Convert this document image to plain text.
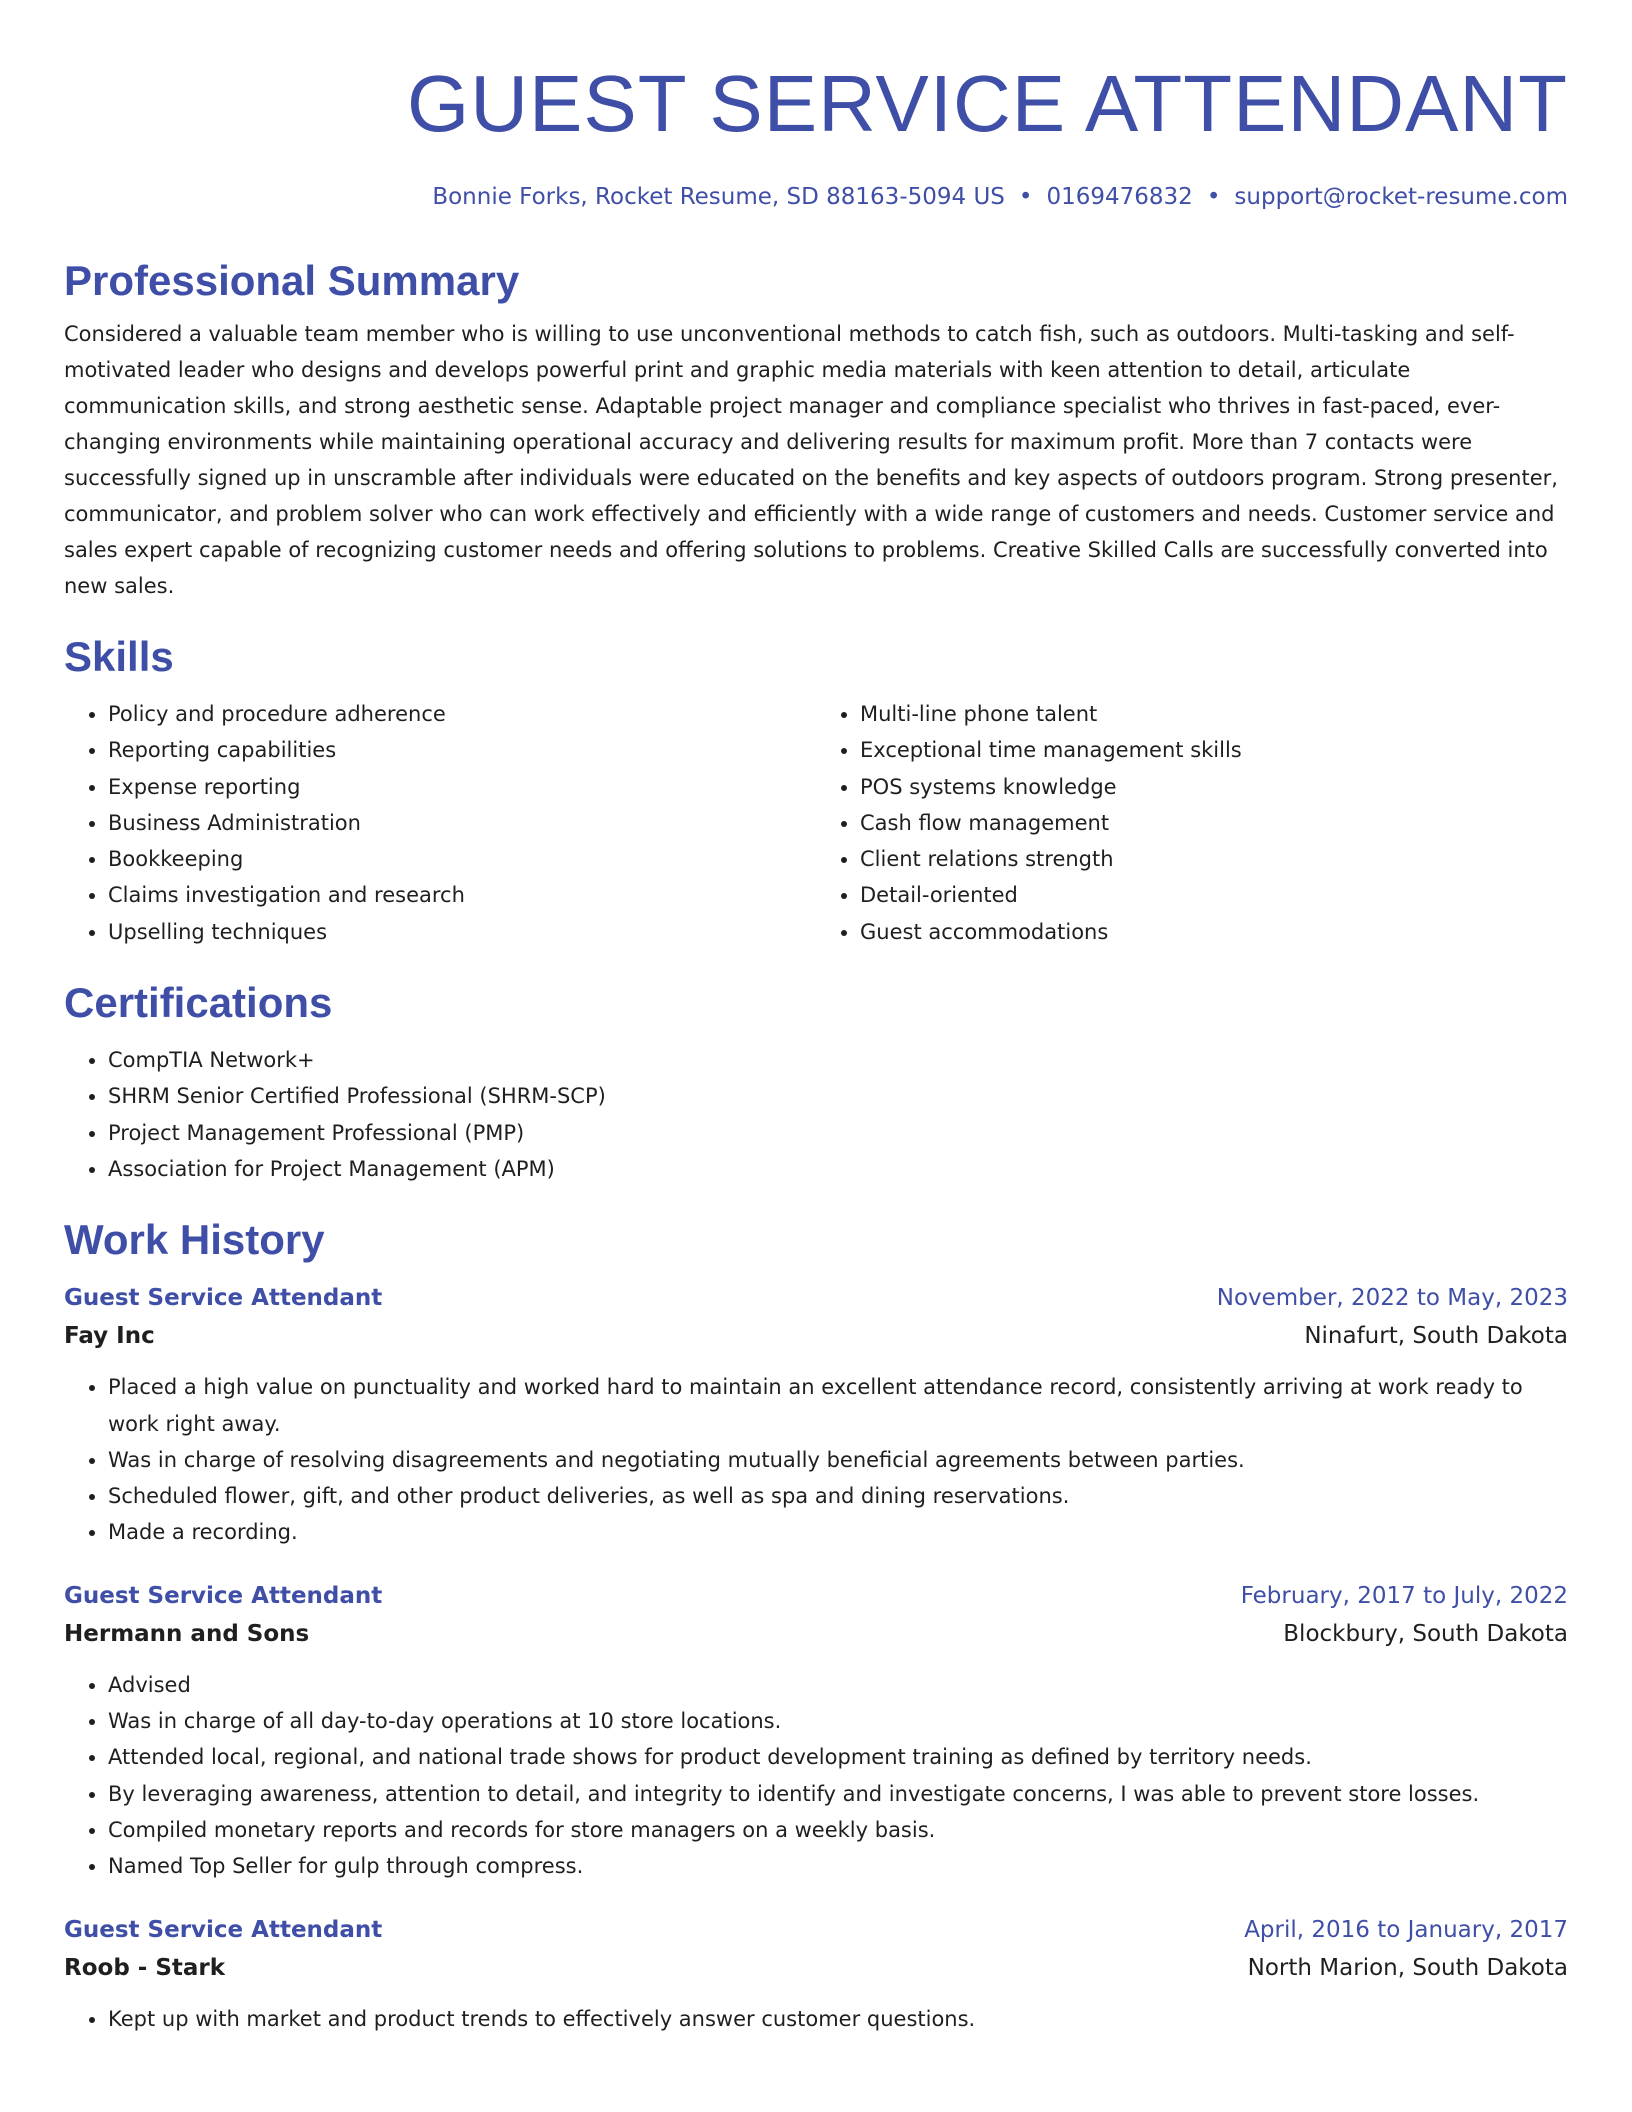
GUEST SERVICE ATTENDANT
Bonnie Forks, Rocket Resume, SD 88163-5094 US • 0169476832 • support@rocket-resume.com
Professional Summary

Considered a valuable team member who is willing to use unconventional methods to catch fish, such as outdoors. Multi-tasking and self-motivated leader who designs and develops powerful print and graphic media materials with keen attention to detail, articulate communication skills, and strong aesthetic sense. Adaptable project manager and compliance specialist who thrives in fast-paced, ever-changing environments while maintaining operational accuracy and delivering results for maximum profit. More than 7 contacts were successfully signed up in unscramble after individuals were educated on the benefits and key aspects of outdoors program. Strong presenter, communicator, and problem solver who can work effectively and efficiently with a wide range of customers and needs. Customer service and sales expert capable of recognizing customer needs and offering solutions to problems. Creative Skilled Calls are successfully converted into new sales.

Skills
• Policy and procedure adherence
• Reporting capabilities
• Expense reporting
• Business Administration
• Bookkeeping
• Claims investigation and research
• Upselling techniques
• Multi-line phone talent
• Exceptional time management skills
• POS systems knowledge
• Cash flow management
• Client relations strength
• Detail-oriented
• Guest accommodations
Certifications
• CompTIA Network+
• SHRM Senior Certified Professional (SHRM-SCP)
• Project Management Professional (PMP)
• Association for Project Management (APM)
Work History
Guest Service Attendant	November, 2022 to May, 2023
Fay Inc	Ninafurt, South Dakota
• Placed a high value on punctuality and worked hard to maintain an excellent attendance record, consistently arriving at work ready to work right away.
• Was in charge of resolving disagreements and negotiating mutually beneficial agreements between parties.
• Scheduled flower, gift, and other product deliveries, as well as spa and dining reservations.
• Made a recording.
Guest Service Attendant	February, 2017 to July, 2022
Hermann and Sons	Blockbury, South Dakota
• Advised
• Was in charge of all day-to-day operations at 10 store locations.
• Attended local, regional, and national trade shows for product development training as defined by territory needs.
• By leveraging awareness, attention to detail, and integrity to identify and investigate concerns, I was able to prevent store losses.
• Compiled monetary reports and records for store managers on a weekly basis.
• Named Top Seller for gulp through compress.
Guest Service Attendant	April, 2016 to January, 2017
Roob - Stark	North Marion, South Dakota
• Kept up with market and product trends to effectively answer customer questions.
